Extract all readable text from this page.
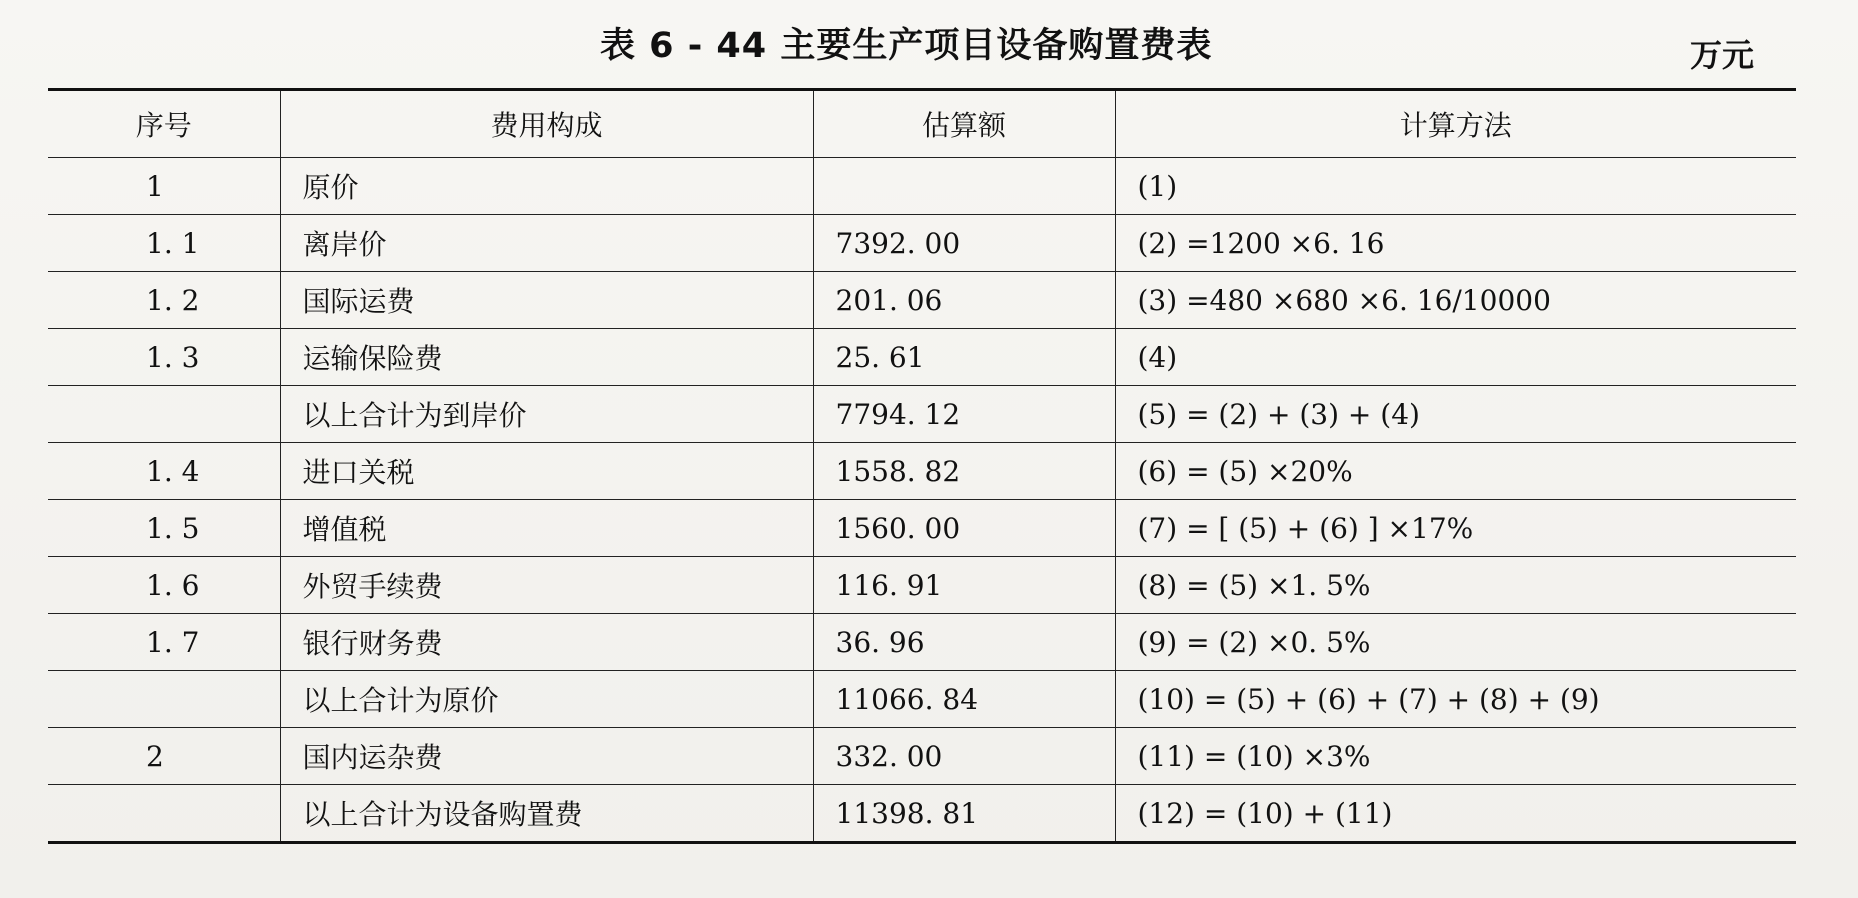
表 6 - 44 主要生产项目设备购置费表	万元
序号	费用构成	估算额	计算方法
1	原价		(1)
1. 1	离岸价	7392. 00	(2) =1200 ×6. 16
1. 2	国际运费	201. 06	(3) =480 ×680 ×6. 16/10000
1. 3	运输保险费	25. 61	(4)
	以上合计为到岸价	7794. 12	(5) = (2) + (3) + (4)
1. 4	进口关税	1558. 82	(6) = (5) ×20%
1. 5	增值税	1560. 00	(7) = [ (5) + (6) ] ×17%
1. 6	外贸手续费	116. 91	(8) = (5) ×1. 5%
1. 7	银行财务费	36. 96	(9) = (2) ×0. 5%
	以上合计为原价	11066. 84	(10) = (5) + (6) + (7) + (8) + (9)
2	国内运杂费	332. 00	(11) = (10) ×3%
	以上合计为设备购置费	11398. 81	(12) = (10) + (11)
